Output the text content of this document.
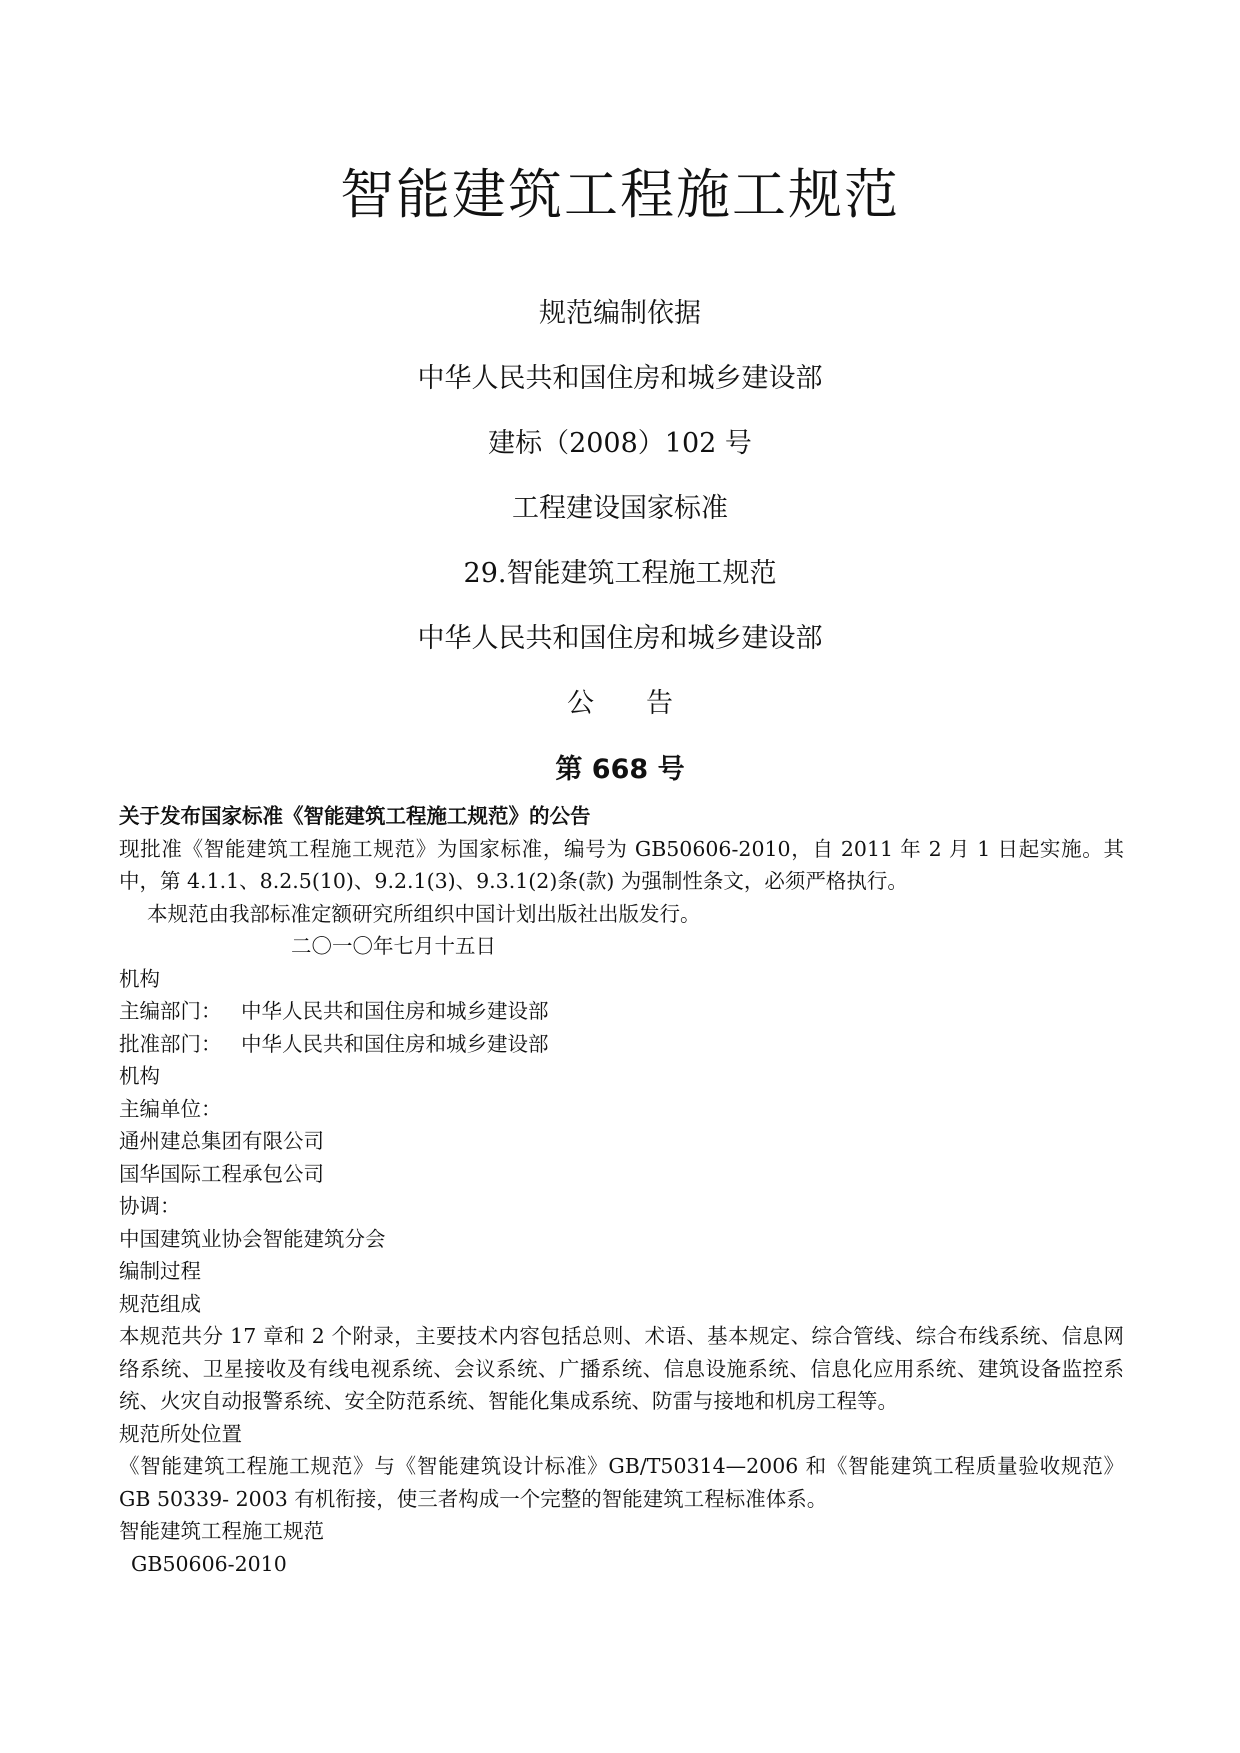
智能建筑工程施工规范
规范编制依据
中华人民共和国住房和城乡建设部
建标（2008）102 号
工程建设国家标准
29.智能建筑工程施工规范
中华人民共和国住房和城乡建设部
公告
第 668 号
关于发布国家标准《智能建筑工程施工规范》的公告
现批准《智能建筑工程施工规范》为国家标准，编号为 GB50606-2010，自 2011 年 2 月 1 日起实施。其中，第 4.1.1、8.2.5(10)、9.2.1(3)、9.3.1(2)条(款) 为强制性条文，必须严格执行。
本规范由我部标准定额研究所组织中国计划出版社出版发行。
二〇一〇年七月十五日
机构
主编部门： 中华人民共和国住房和城乡建设部
批准部门： 中华人民共和国住房和城乡建设部
机构
主编单位：
通州建总集团有限公司
国华国际工程承包公司
协调：
中国建筑业协会智能建筑分会
编制过程
规范组成
本规范共分 17 章和 2 个附录，主要技术内容包括总则、术语、基本规定、综合管线、综合布线系统、信息网络系统、卫星接收及有线电视系统、会议系统、广播系统、信息设施系统、信息化应用系统、建筑设备监控系统、火灾自动报警系统、安全防范系统、智能化集成系统、防雷与接地和机房工程等。
规范所处位置
《智能建筑工程施工规范》与《智能建筑设计标准》GB/T50314—2006 和《智能建筑工程质量验收规范》GB 50339- 2003 有机衔接，使三者构成一个完整的智能建筑工程标准体系。
智能建筑工程施工规范
GB50606-2010
